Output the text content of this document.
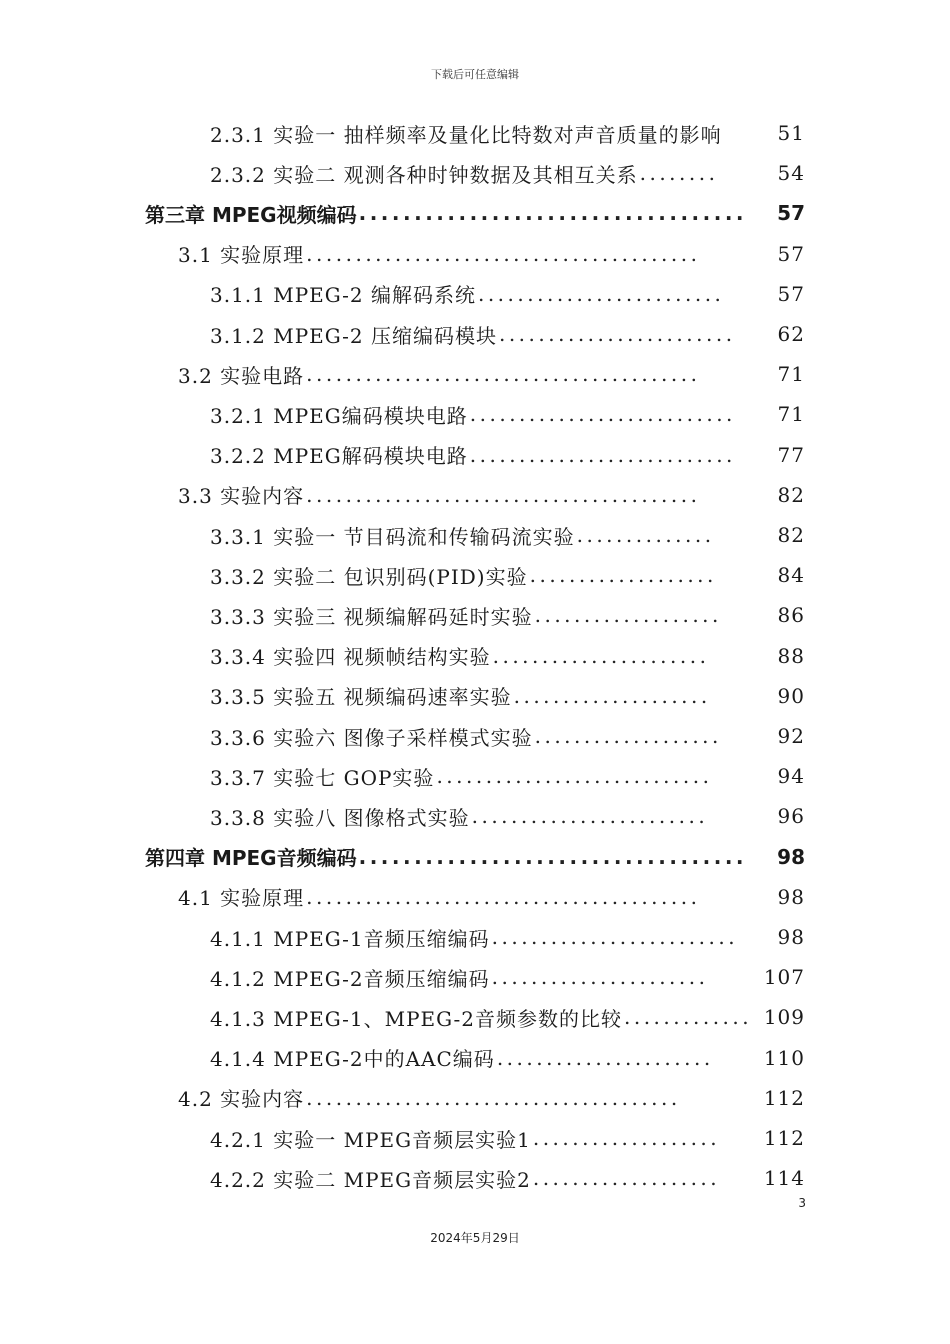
下载后可任意编辑
2.3.1 实验一 抽样频率及量化比特数对声音质量的影响	51
2.3.2 实验二 观测各种时钟数据及其相互关系 ........	54
第三章 MPEG视频编码 ...................................	57
3.1 实验原理 ........................................	57
3.1.1 MPEG-2 编解码系统 .........................	57
3.1.2 MPEG-2 压缩编码模块 ........................	62
3.2 实验电路 ........................................	71
3.2.1 MPEG编码模块电路 ...........................	71
3.2.2 MPEG解码模块电路 ...........................	77
3.3 实验内容 ........................................	82
3.3.1 实验一 节目码流和传输码流实验 ..............	82
3.3.2 实验二 包识别码(PID)实验 ...................	84
3.3.3 实验三 视频编解码延时实验 ...................	86
3.3.4 实验四 视频帧结构实验 ......................	88
3.3.5 实验五 视频编码速率实验 ....................	90
3.3.6 实验六 图像子采样模式实验 ...................	92
3.3.7 实验七 GOP实验 ............................	94
3.3.8 实验八 图像格式实验 ........................	96
第四章 MPEG音频编码 ...................................	98
4.1 实验原理 ........................................	98
4.1.1 MPEG-1音频压缩编码 .........................	98
4.1.2 MPEG-2音频压缩编码 ......................	107
4.1.3 MPEG-1、MPEG-2音频参数的比较 ............. 109
4.1.4 MPEG-2中的AAC编码 ......................	110
4.2 实验内容 ......................................	112
4.2.1 实验一 MPEG音频层实验1 ...................	112
4.2.2 实验二 MPEG音频层实验2 ...................	114
3
2024年5月29日
